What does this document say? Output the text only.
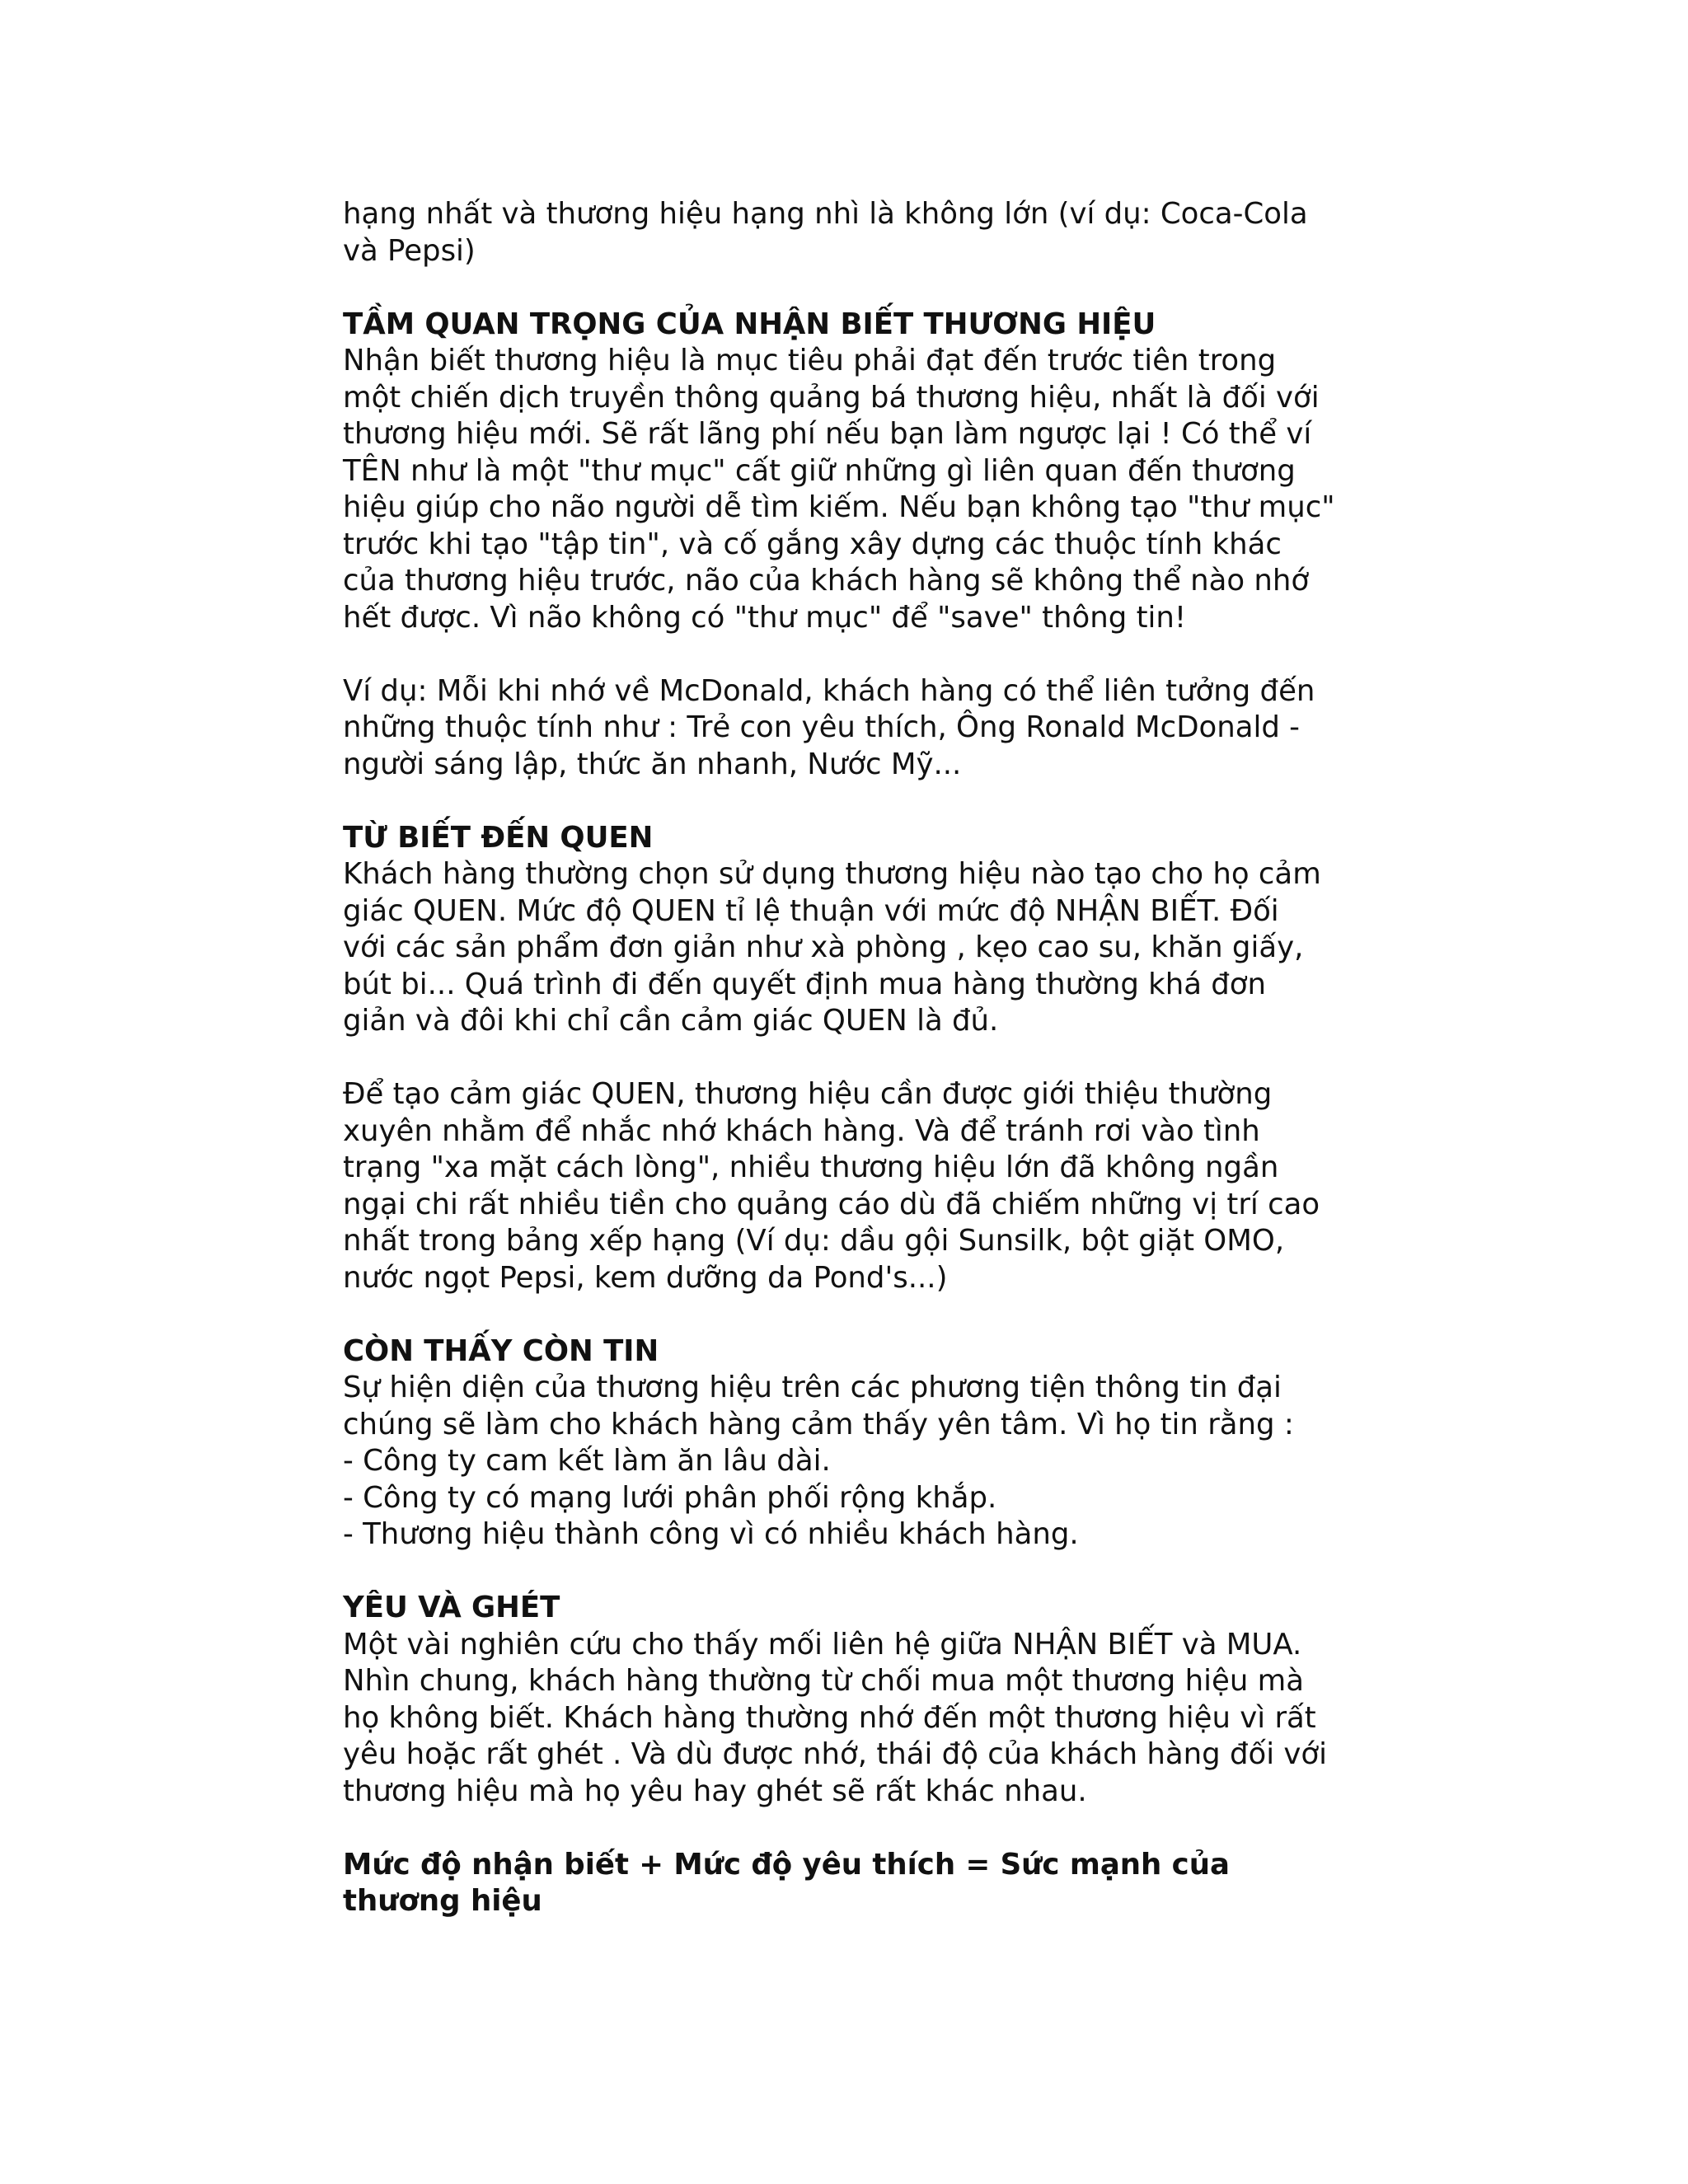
hạng nhất và thương hiệu hạng nhì là không lớn (ví dụ: Coca-Cola
và Pepsi)
TẦM QUAN TRỌNG CỦA NHẬN BIẾT THƯƠNG HIỆU
Nhận biết thương hiệu là mục tiêu phải đạt đến trước tiên trong
một chiến dịch truyền thông quảng bá thương hiệu, nhất là đối với
thương hiệu mới. Sẽ rất lãng phí nếu bạn làm ngược lại ! Có thể ví
TÊN như là một "thư mục" cất giữ những gì liên quan đến thương
hiệu giúp cho não người dễ tìm kiếm. Nếu bạn không tạo "thư mục"
trước khi tạo "tập tin", và cố gắng xây dựng các thuộc tính khác
của thương hiệu trước, não của khách hàng sẽ không thể nào nhớ
hết được. Vì não không có "thư mục" để "save" thông tin!
Ví dụ: Mỗi khi nhớ về McDonald, khách hàng có thể liên tưởng đến
những thuộc tính như : Trẻ con yêu thích, Ông Ronald McDonald -
người sáng lập, thức ăn nhanh, Nước Mỹ...
TỪ BIẾT ĐẾN QUEN
Khách hàng thường chọn sử dụng thương hiệu nào tạo cho họ cảm
giác QUEN. Mức độ QUEN tỉ lệ thuận với mức độ NHẬN BIẾT. Đối
với các sản phẩm đơn giản như xà phòng , kẹo cao su, khăn giấy,
bút bi... Quá trình đi đến quyết định mua hàng thường khá đơn
giản và đôi khi chỉ cần cảm giác QUEN là đủ.
Để tạo cảm giác QUEN, thương hiệu cần được giới thiệu thường
xuyên nhằm để nhắc nhớ khách hàng. Và để tránh rơi vào tình
trạng "xa mặt cách lòng", nhiều thương hiệu lớn đã không ngần
ngại chi rất nhiều tiền cho quảng cáo dù đã chiếm những vị trí cao
nhất trong bảng xếp hạng (Ví dụ: dầu gội Sunsilk, bột giặt OMO,
nước ngọt Pepsi, kem dưỡng da Pond's...)
CÒN THẤY CÒN TIN
Sự hiện diện của thương hiệu trên các phương tiện thông tin đại
chúng sẽ làm cho khách hàng cảm thấy yên tâm. Vì họ tin rằng :
- Công ty cam kết làm ăn lâu dài.
- Công ty có mạng lưới phân phối rộng khắp.
- Thương hiệu thành công vì có nhiều khách hàng.
YÊU VÀ GHÉT
Một vài nghiên cứu cho thấy mối liên hệ giữa NHẬN BIẾT và MUA.
Nhìn chung, khách hàng thường từ chối mua một thương hiệu mà
họ không biết. Khách hàng thường nhớ đến một thương hiệu vì rất
yêu hoặc rất ghét . Và dù được nhớ, thái độ của khách hàng đối với
thương hiệu mà họ yêu hay ghét sẽ rất khác nhau.
Mức độ nhận biết + Mức độ yêu thích = Sức mạnh của
thương hiệu
